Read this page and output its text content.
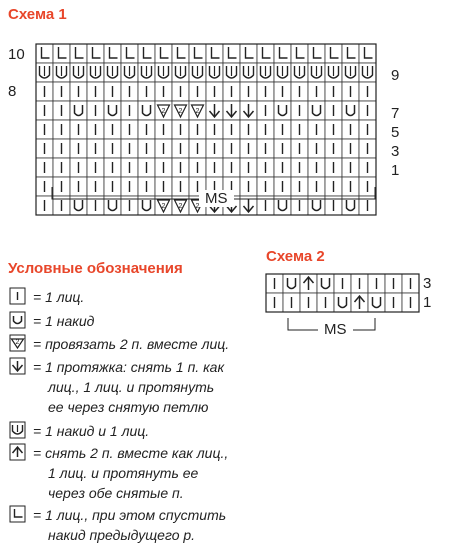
Схема 1
10
8
9
7
5
3
1
2 2 2
2 2 2
2
MS
MS
Схема 2
3
1
Условные обозначения
= 1 лиц.
= 1 накид
= провязать 2 п. вместе лиц.
= 1 протяжка: снять 1 п. как
лиц., 1 лиц. и протянуть
ее через снятую петлю
= 1 накид и 1 лиц.
= снять 2 п. вместе как лиц.,
1 лиц. и протянуть ее
через обе снятые п.
= 1 лиц., при этом спустить
накид предыдущего р.
